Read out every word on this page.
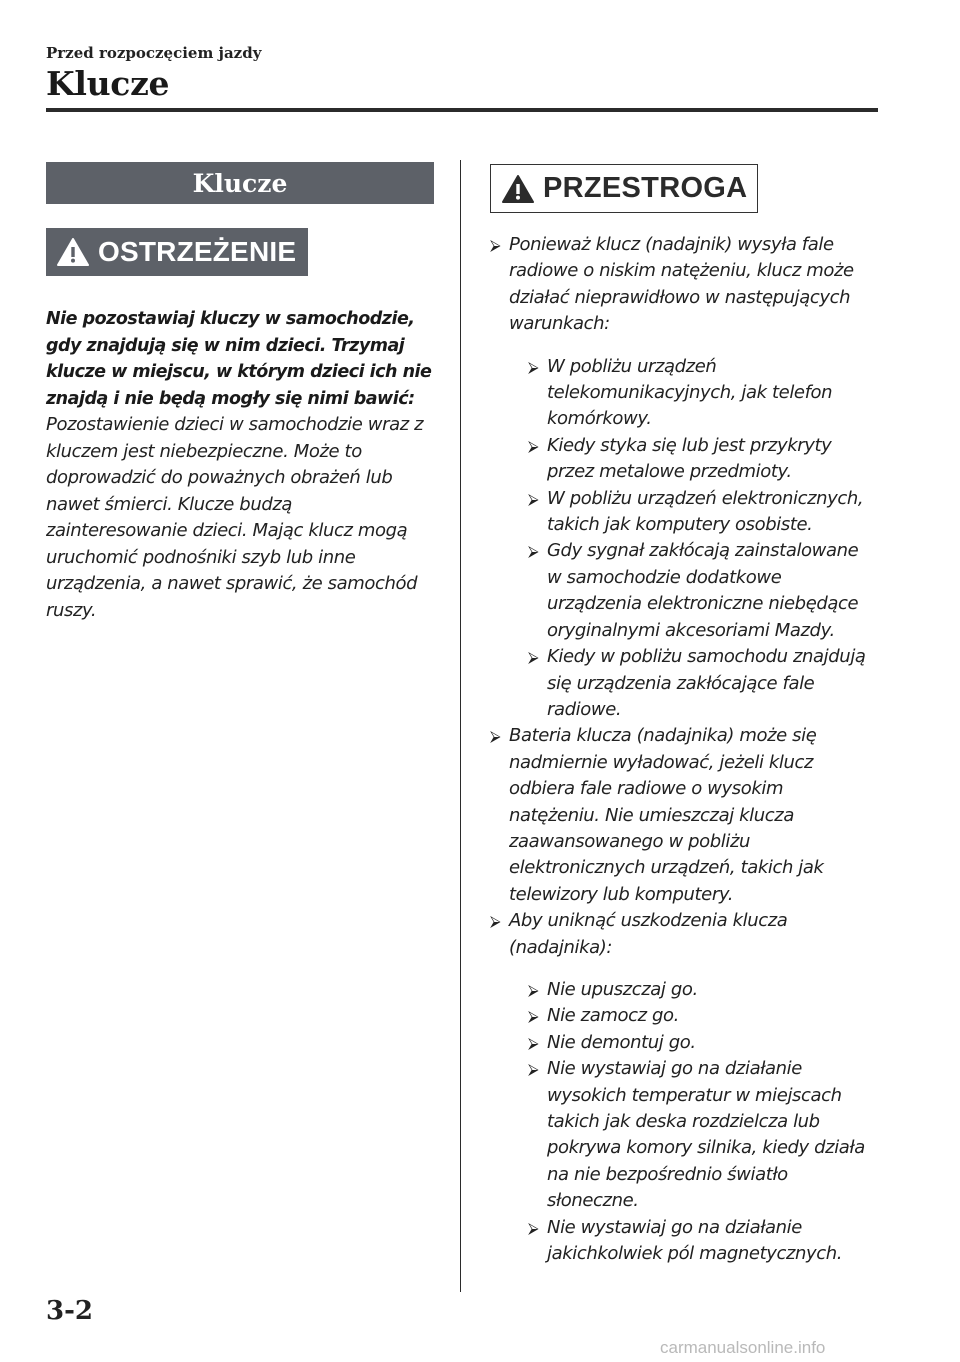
Przed rozpoczęciem jazdy
Klucze
Klucze
OSTRZEŻENIE
Nie pozostawiaj kluczy w samochodzie, gdy znajdują się w nim dzieci. Trzymaj klucze w miejscu, w którym dzieci ich nie znajdą i nie będą mogły się nimi bawić:
Pozostawienie dzieci w samochodzie wraz z kluczem jest niebezpieczne. Może to doprowadzić do poważnych obrażeń lub nawet śmierci. Klucze budzą zainteresowanie dzieci. Mając klucz mogą uruchomić podnośniki szyb lub inne urządzenia, a nawet sprawić, że samochód ruszy.
PRZESTROGA
⮚ Ponieważ klucz (nadajnik) wysyła fale radiowe o niskim natężeniu, klucz może działać nieprawidłowo w następujących warunkach:
⮚ W pobliżu urządzeń telekomunikacyjnych, jak telefon komórkowy.
⮚ Kiedy styka się lub jest przykryty przez metalowe przedmioty.
⮚ W pobliżu urządzeń elektronicznych, takich jak komputery osobiste.
⮚ Gdy sygnał zakłócają zainstalowane w samochodzie dodatkowe urządzenia elektroniczne niebędące oryginalnymi akcesoriami Mazdy.
⮚ Kiedy w pobliżu samochodu znajdują się urządzenia zakłócające fale radiowe.
⮚ Bateria klucza (nadajnika) może się nadmiernie wyładować, jeżeli klucz odbiera fale radiowe o wysokim natężeniu. Nie umieszczaj klucza zaawansowanego w pobliżu elektronicznych urządzeń, takich jak telewizory lub komputery.
⮚ Aby uniknąć uszkodzenia klucza (nadajnika):
⮚ Nie upuszczaj go.
⮚ Nie zamocz go.
⮚ Nie demontuj go.
⮚ Nie wystawiaj go na działanie wysokich temperatur w miejscach takich jak deska rozdzielcza lub pokrywa komory silnika, kiedy działa na nie bezpośrednio światło słoneczne.
⮚ Nie wystawiaj go na działanie jakichkolwiek pól magnetycznych.
3-2
carmanualsonline.info
